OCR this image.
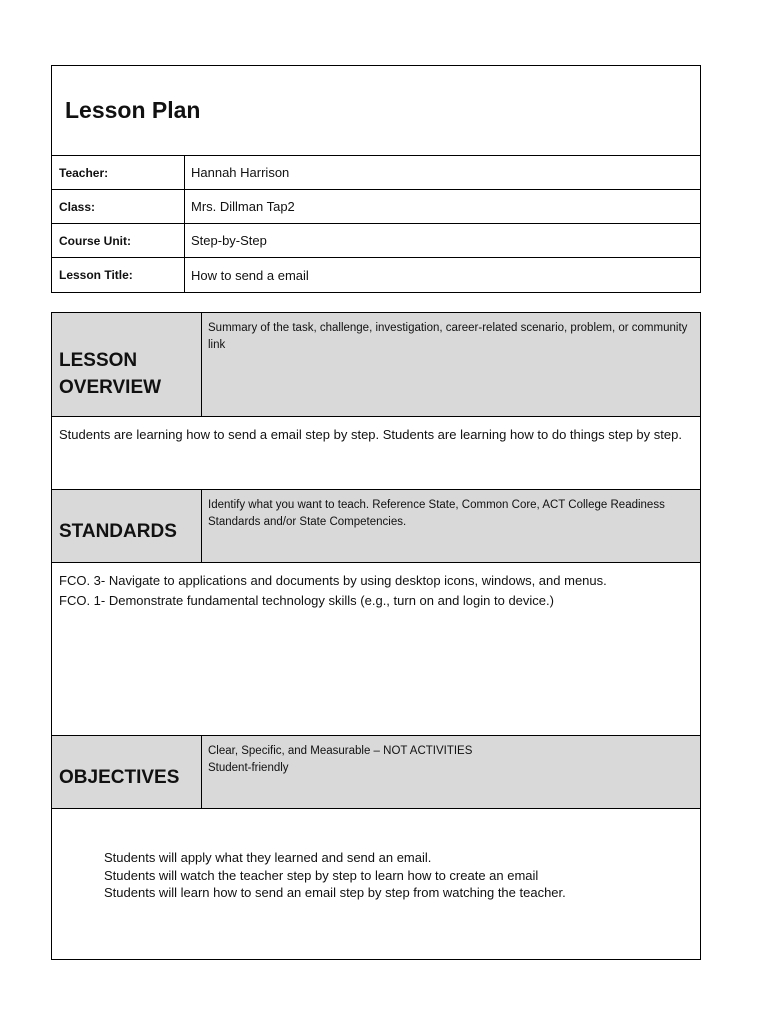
Lesson Plan
Teacher:	Hannah Harrison
Class:	Mrs. Dillman Tap2
Course Unit:	Step-by-Step
Lesson Title:	How to send a email
LESSON
OVERVIEW
Summary of the task, challenge, investigation, career-related scenario, problem, or community link
Students are learning how to send a email step by step. Students are learning how to do things step by step.
STANDARDS
Identify what you want to teach. Reference State, Common Core, ACT College Readiness Standards and/or State Competencies.
FCO. 3- Navigate to applications and documents by using desktop icons, windows, and menus.
FCO. 1- Demonstrate fundamental technology skills (e.g., turn on and login to device.)
OBJECTIVES
Clear, Specific, and Measurable – NOT ACTIVITIES
Student-friendly
Students will apply what they learned and send an email.
Students will watch the teacher step by step to learn how to create an email
Students will learn how to send an email step by step from watching the teacher.
